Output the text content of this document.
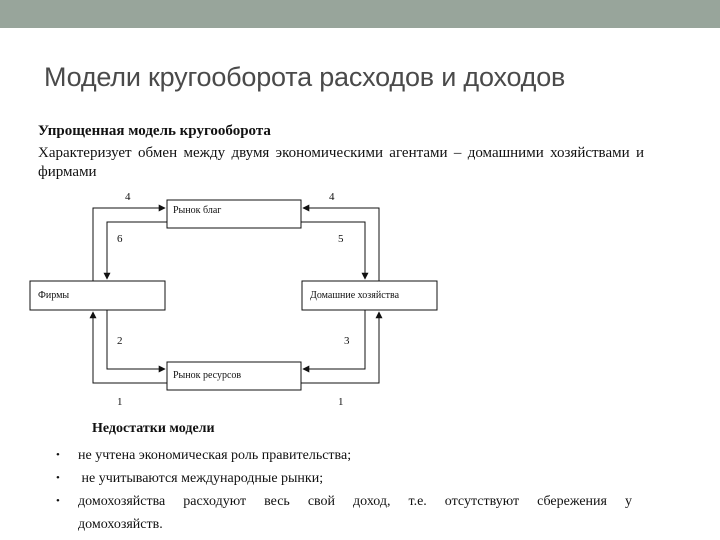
Модели кругооборота расходов и доходов
Упрощенная модель кругооборота
Характеризует обмен между двумя экономическими агентами – домашними хозяйствами и фирмами
Рынок благ
Фирмы	Домашние хозяйства
Рынок ресурсов
4	4
6	5
2	3
1	1
Недостатки модели
• не учтена экономическая роль правительства;
• не учитываются международные рынки;
• домохозяйства расходуют весь свой доход, т.е. отсутствуют сбережения у
домохозяйств.
